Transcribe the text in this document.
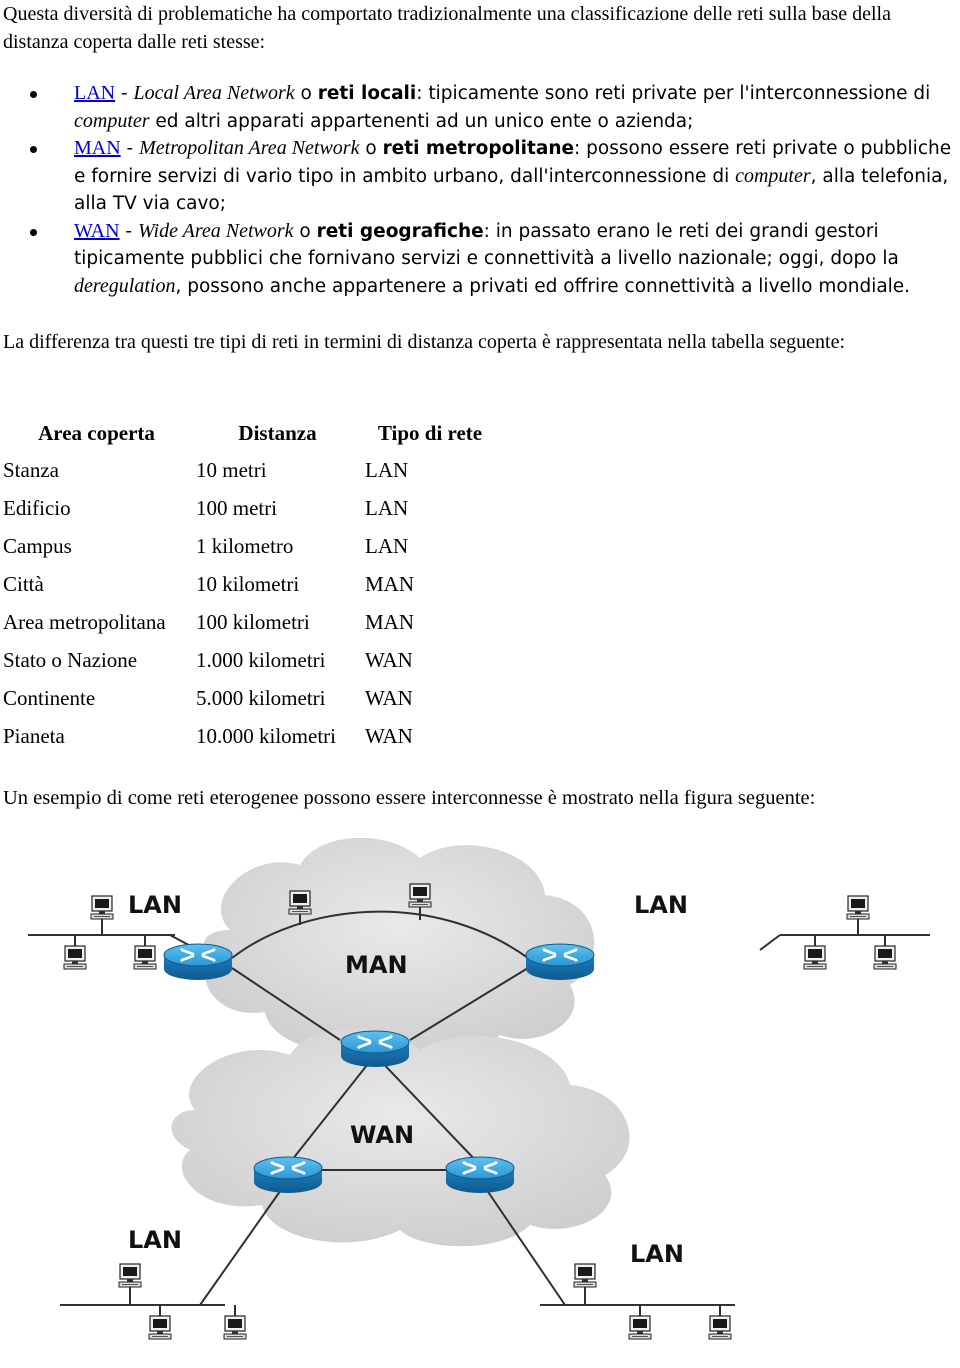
Questa diversità di problematiche ha comportato tradizionalmente una classificazione delle reti sulla base della distanza coperta dalle reti stesse:

LAN - Local Area Network o reti locali: tipicamente sono reti private per l'interconnessione di computer ed altri apparati appartenenti ad un unico ente o azienda;
MAN - Metropolitan Area Network o reti metropolitane: possono essere reti private o pubbliche e fornire servizi di vario tipo in ambito urbano, dall'interconnessione di computer, alla telefonia, alla TV via cavo;
WAN - Wide Area Network o reti geografiche: in passato erano le reti dei grandi gestori tipicamente pubblici che fornivano servizi e connettività a livello nazionale; oggi, dopo la deregulation, possono anche appartenere a privati ed offrire connettività a livello mondiale.

La differenza tra questi tre tipi di reti in termini di distanza coperta è rappresentata nella tabella seguente:

Area coperta	Distanza	Tipo di rete
Stanza	10 metri	LAN
Edificio	100 metri	LAN
Campus	1 kilometro	LAN
Città	10 kilometri	MAN
Area metropolitana	100 kilometri	MAN
Stato o Nazione	1.000 kilometri	WAN
Continente	5.000 kilometri	WAN
Pianeta	10.000 kilometri	WAN

Un esempio di come reti eterogenee possono essere interconnesse è mostrato nella figura seguente:

LAN	LAN
MAN
WAN
LAN	LAN
